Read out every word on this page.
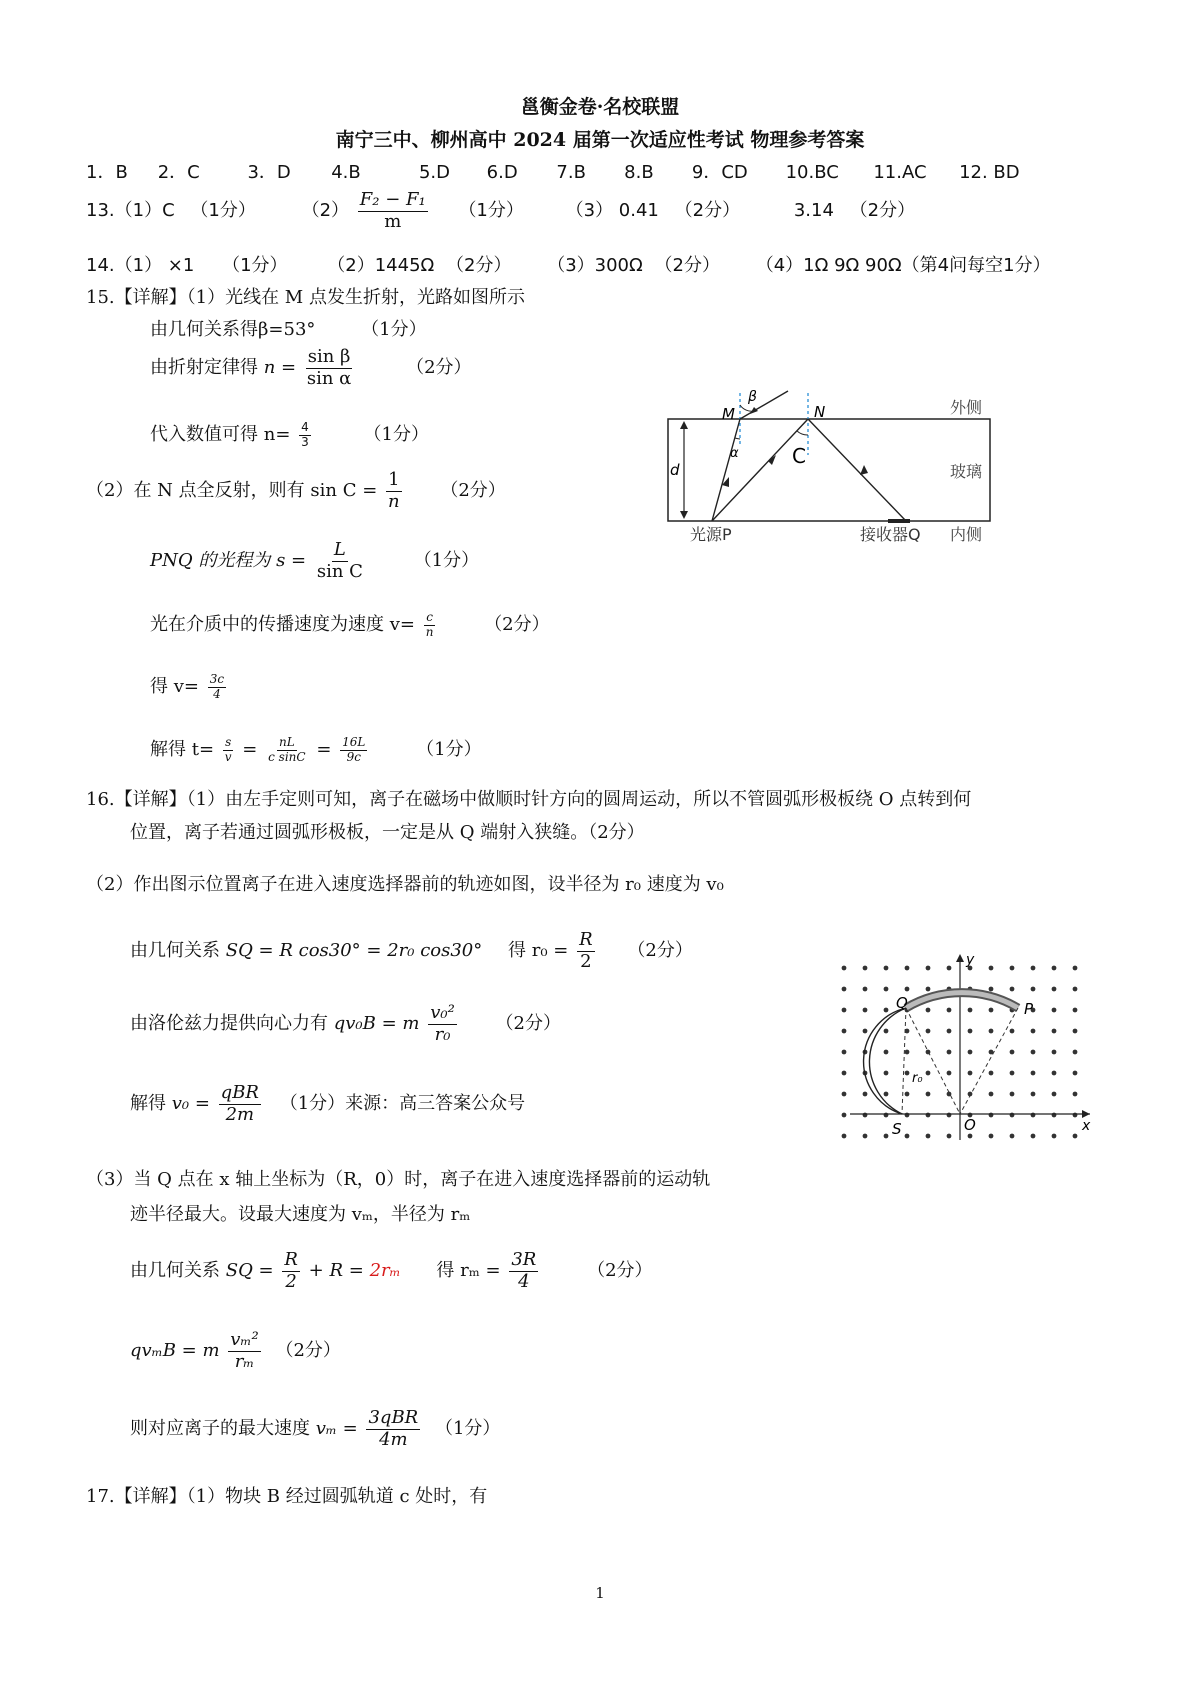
邕衡金卷·名校联盟
南宁三中、柳州高中 2024 届第一次适应性考试 物理参考答案
1．B 2．C	3．D 4.B	5.D 6.D 7.B 8.B 9．CD 10.BC 11.AC 12. BD
13.（1）C （1分）	$(2) \frac{\text{F₂ − F₁}}{m} (1$分） （3） 0.41 （2分）	3.14 （2分）
14.（1） ×1 （1分） （2）1445Ω （2分） （3）300Ω （2分） （4）1Ω 9Ω 90Ω（第4问每空1分）
15.【详解】（1）光线在 M 点发生折射，光路如图所示
由几何关系得β=53°	（1分）
由折射定律得 $n = \frac{\text{sin β}}{\text{sin α}}$	（2分）
代入数值可得 $n= \frac{4}{3}$	（1分）
（2）在 N 点全反射，则有 $\sin C = \frac{1}{n} (2$分）
PNQ 的光程为 $s = \frac{L}{\text{sin C}}$	（1分）
光在介质中的传播速度为速度 $v= \frac{c}{n}$	（2分）
得 $v= \frac{3c}{4}$
解得 $t= \frac{s}{v} = \frac{nL}{\text{c sinC}} = \frac{16L}{9c}$	（1分）
d
M	N
β
α	C
外侧
玻璃
内侧
光源P	接收器Q
16.【详解】（1）由左手定则可知，离子在磁场中做顺时针方向的圆周运动，所以不管圆弧形极板绕 O 点转到何
位置，离子若通过圆弧形极板，一定是从 Q 端射入狭缝。（2分）
（2）作出图示位置离子在进入速度选择器前的轨迹如图，设半径为 r₀ 速度为 v₀
由几何关系 SQ = R cos30° = 2r₀ cos30° 得 $r_0 = \frac{R}{2} (2$分）
由洛伦兹力提供向心力有 qv₀B = m $\frac{\text{v₀²}}{\text{r₀}} (2$分）
解得 $v_0 = \frac{\text{qBR}}{2m} (1$分）来源：高三答案公众号
Q	P
S	O
y
x
r₀
（3）当 Q 点在 x 轴上坐标为（R，0）时，离子在进入速度选择器前的运动轨
迹半径最大。设最大速度为 vₘ，半径为 rₘ
由几何关系 SQ = $\frac{R}{2} + R = 2r_m$ 得 $r_m = \frac{3R}{4}$	（2分）
qvₘB = m $\frac{\text{vₘ²}}{\text{rₘ}} (2$分）
则对应离子的最大速度 $v_m = \frac{\text{3qBR}}{4m} (1$分）
17.【详解】（1）物块 B 经过圆弧轨道 c 处时，有
1
